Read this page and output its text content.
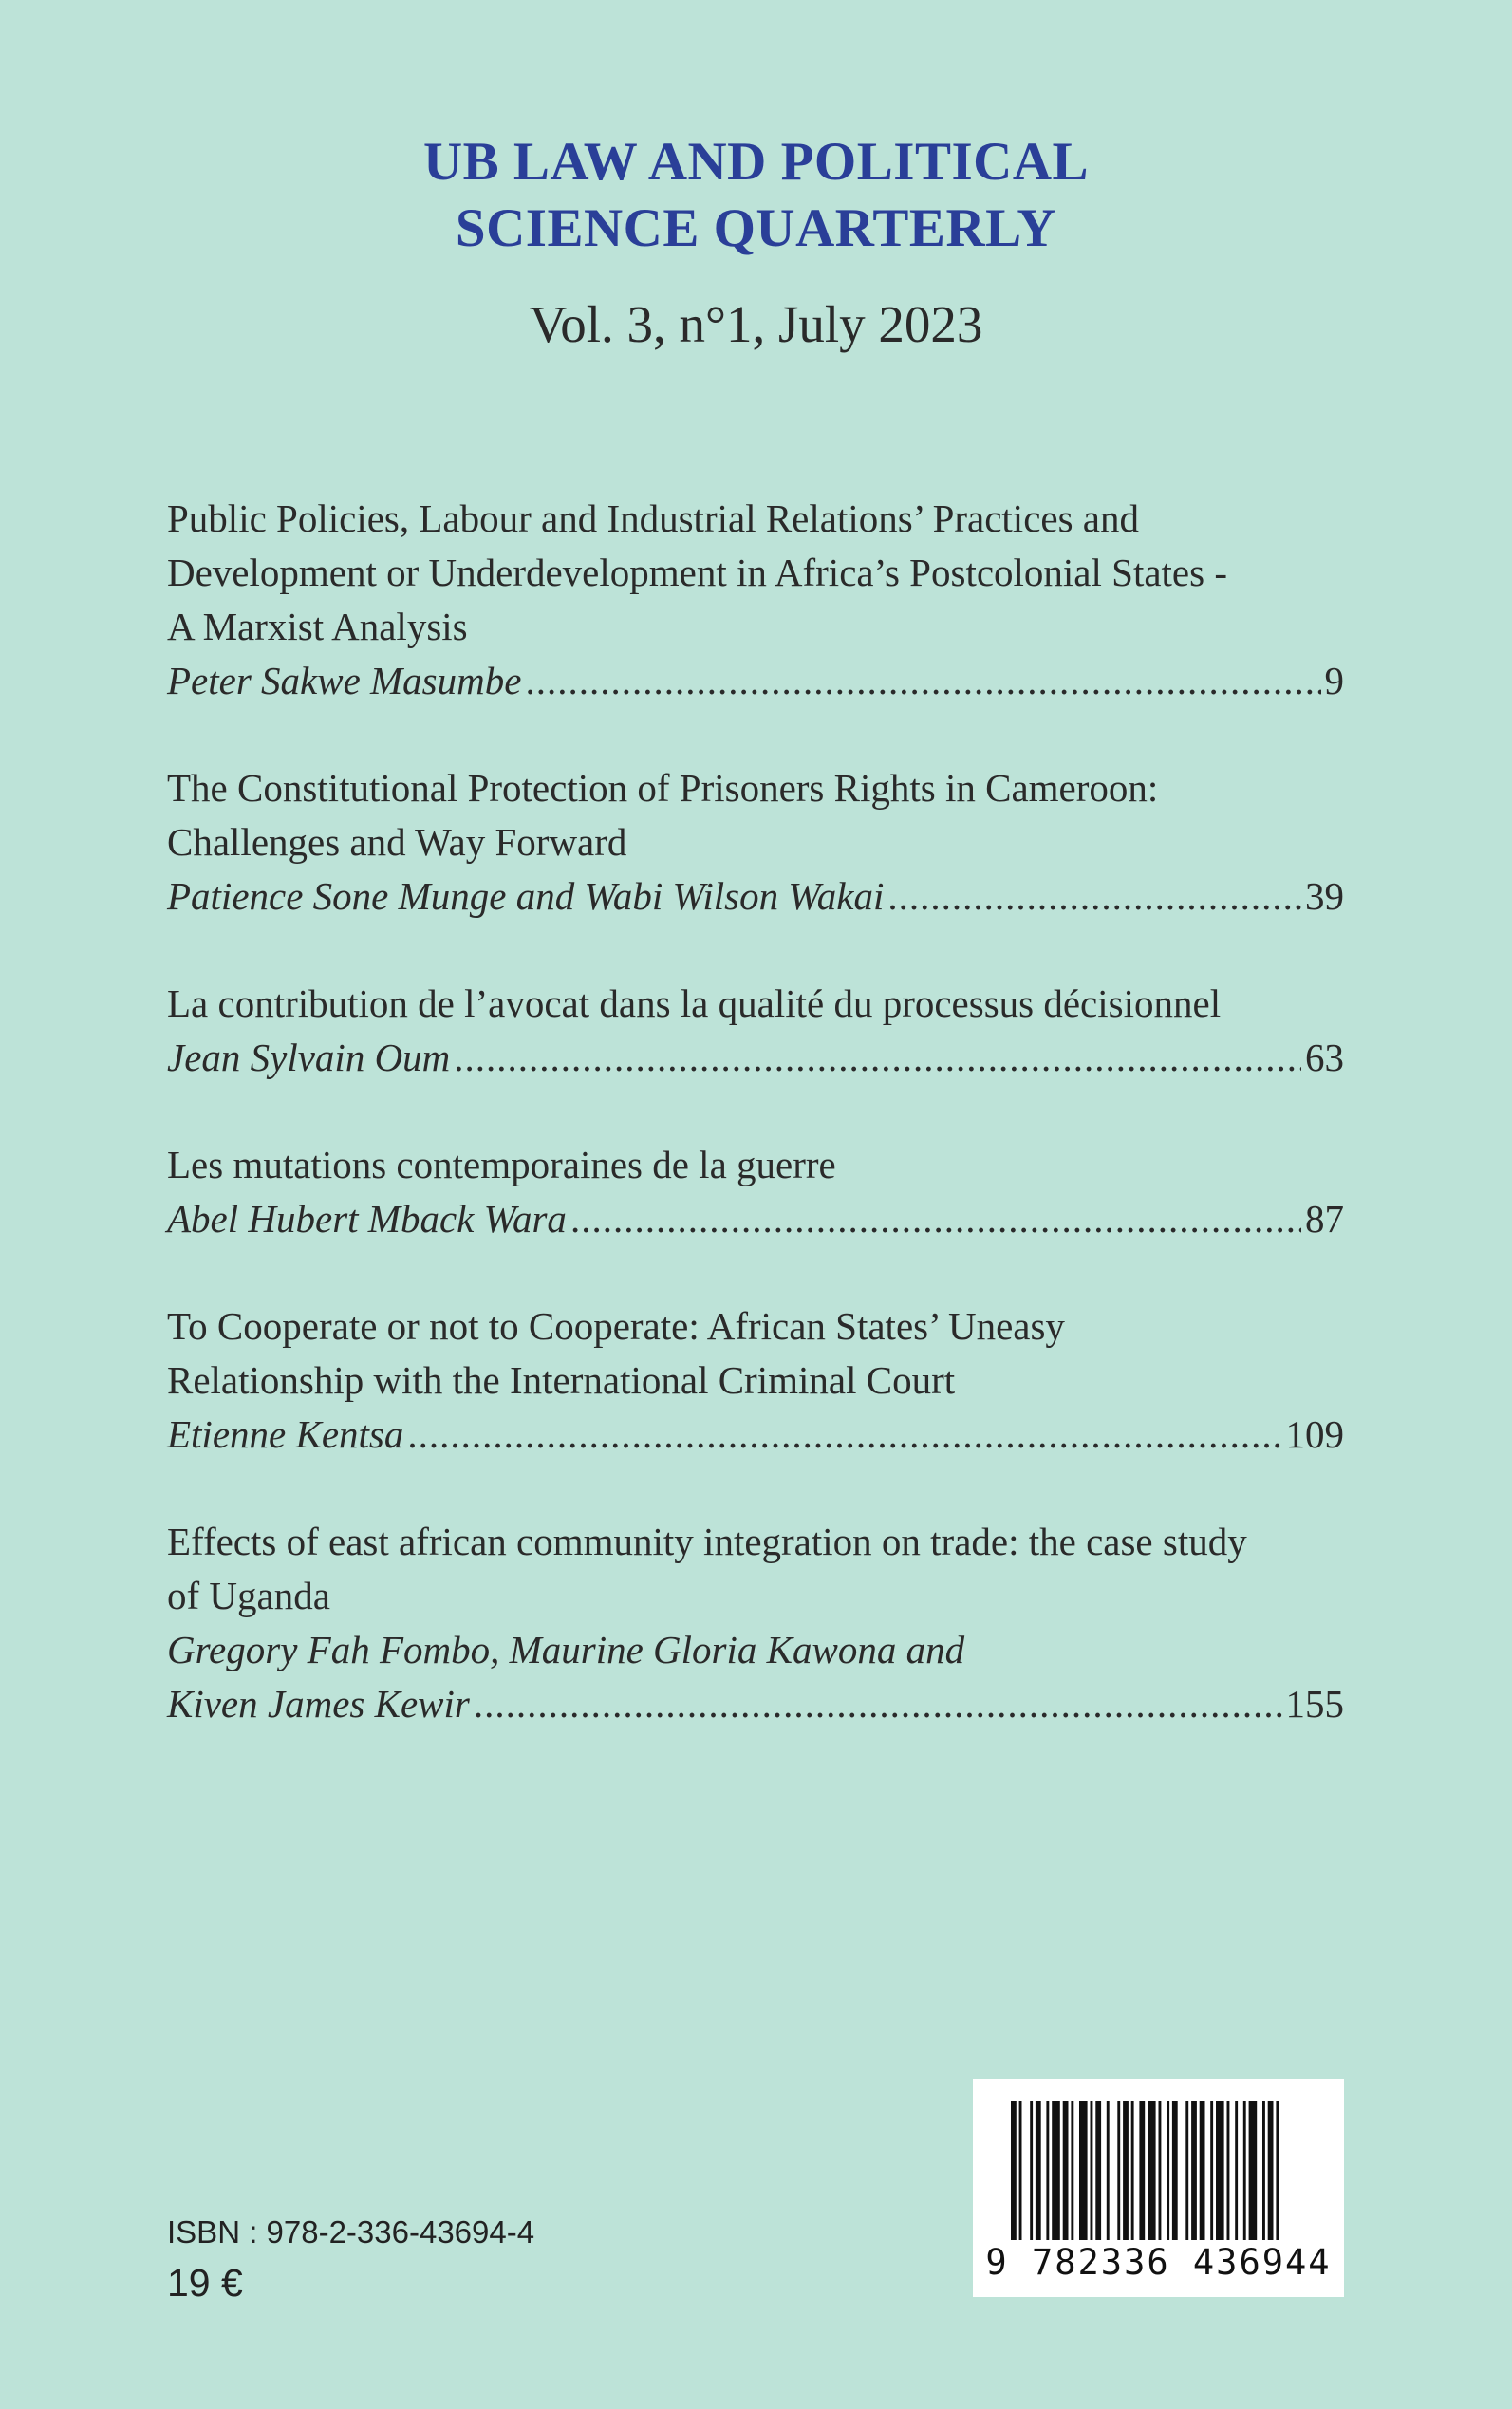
UB LAW AND POLITICAL
SCIENCE QUARTERLY
Vol. 3, n°1, July 2023
Public Policies, Labour and Industrial Relations’ Practices and
Development or Underdevelopment in Africa’s Postcolonial States -
A Marxist Analysis
Peter Sakwe Masumbe .....	9
The Constitutional Protection of Prisoners Rights in Cameroon:
Challenges and Way Forward
Patience Sone Munge and Wabi Wilson Wakai .....	39
La contribution de l’avocat dans la qualité du processus décisionnel
Jean Sylvain Oum .....	63
Les mutations contemporaines de la guerre
Abel Hubert Mback Wara .....	87
To Cooperate or not to Cooperate: African States’ Uneasy
Relationship with the International Criminal Court
Etienne Kentsa .....	109
Effects of east african community integration on trade: the case study
of Uganda
Gregory Fah Fombo, Maurine Gloria Kawona and
Kiven James Kewir .....	155
ISBN : 978-2-336-43694-4
19 €	9 782336 436944
